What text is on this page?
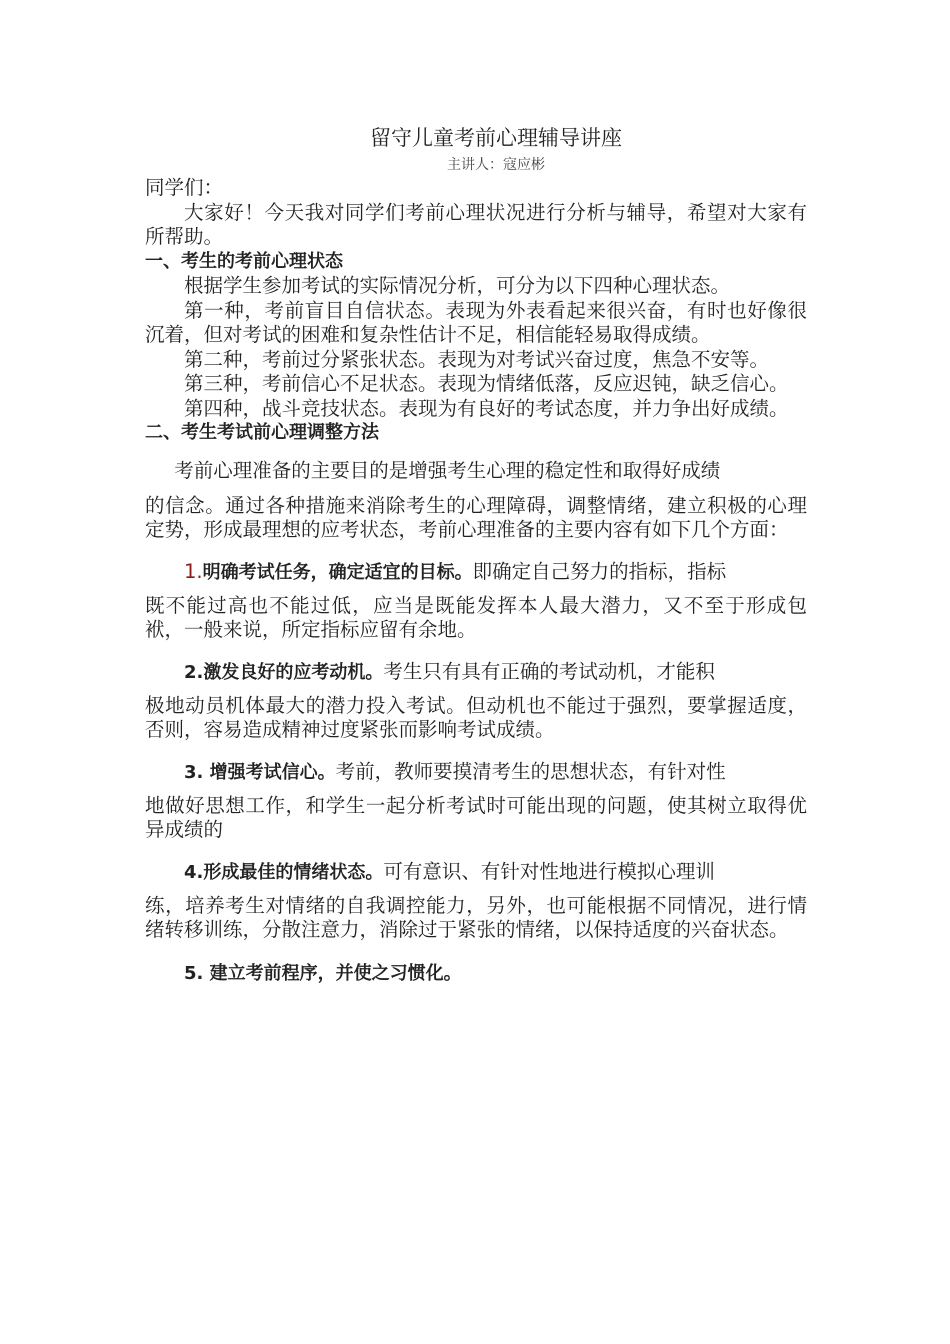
留守儿童考前心理辅导讲座
主讲人：寇应彬

同学们：

大家好！今天我对同学们考前心理状况进行分析与辅导，希望对大家有所帮助。

一、考生的考前心理状态

根据学生参加考试的实际情况分析，可分为以下四种心理状态。

第一种，考前盲目自信状态。表现为外表看起来很兴奋，有时也好像很沉着，但对考试的困难和复杂性估计不足，相信能轻易取得成绩。

第二种，考前过分紧张状态。表现为对考试兴奋过度，焦急不安等。

第三种，考前信心不足状态。表现为情绪低落，反应迟钝，缺乏信心。

第四种，战斗竞技状态。表现为有良好的考试态度，并力争出好成绩。

二、考生考试前心理调整方法

考前心理准备的主要目的是增强考生心理的稳定性和取得好成绩

的信念。通过各种措施来消除考生的心理障碍，调整情绪，建立积极的心理定势，形成最理想的应考状态，考前心理准备的主要内容有如下几个方面：

1.明确考试任务，确定适宜的目标。即确定自己努力的指标，指标

既不能过高也不能过低，应当是既能发挥本人最大潜力，又不至于形成包袱，一般来说，所定指标应留有余地。

2.激发良好的应考动机。考生只有具有正确的考试动机，才能积

极地动员机体最大的潜力投入考试。但动机也不能过于强烈，要掌握适度，否则，容易造成精神过度紧张而影响考试成绩。

3. 增强考试信心。考前，教师要摸清考生的思想状态，有针对性

地做好思想工作，和学生一起分析考试时可能出现的问题，使其树立取得优异成绩的

4.形成最佳的情绪状态。可有意识、有针对性地进行模拟心理训

练，培养考生对情绪的自我调控能力，另外，也可能根据不同情况，进行情绪转移训练，分散注意力，消除过于紧张的情绪，以保持适度的兴奋状态。

5. 建立考前程序，并使之习惯化。
